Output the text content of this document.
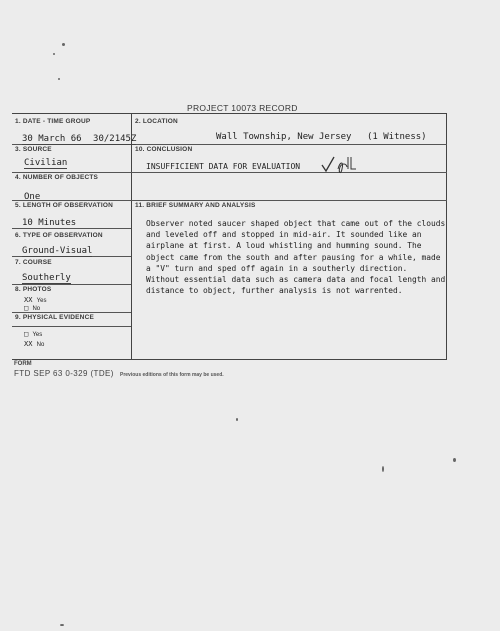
PROJECT 10073 RECORD
1. DATE - TIME GROUP
30 March 66 30/2145Z
2. LOCATION
Wall Township, New Jersey (1 Witness)
3. SOURCE
Civilian
10. CONCLUSION
INSUFFICIENT DATA FOR EVALUATION
4. NUMBER OF OBJECTS
One
5. LENGTH OF OBSERVATION
10 Minutes
11. BRIEF SUMMARY AND ANALYSIS

Observer noted saucer shaped object that came out of the clouds and leveled off and stopped in mid-air. It sounded like an airplane at first. A loud whistling and humming sound. The object came from the south and after pausing for a while, made a "V" turn and sped off again in a southerly direction.

Without essential data such as camera data and focal length and distance to object, further analysis is not warrented.

6. TYPE OF OBSERVATION
Ground-Visual
7. COURSE
Southerly
8. PHOTOS
XX Yes
□ No
9. PHYSICAL EVIDENCE
□ Yes
XX No
FORM
FTD SEP 63 0-329 (TDE) Previous editions of this form may be used.
